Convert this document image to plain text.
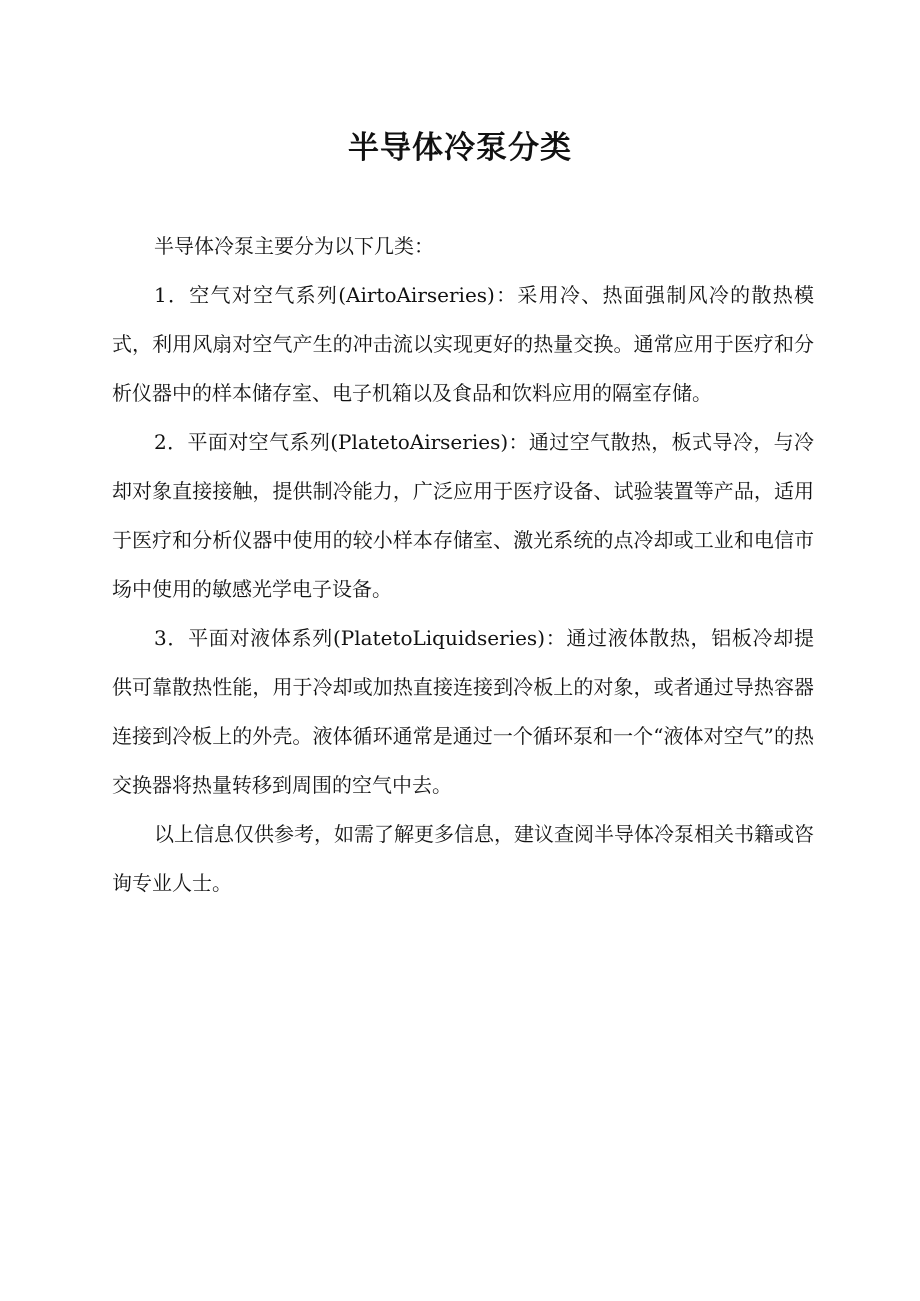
半导体冷泵分类

半导体冷泵主要分为以下几类：

1．空气对空气系列(AirtoAirseries)：采用冷、热面强制风冷的散热模式，利用风扇对空气产生的冲击流以实现更好的热量交换。通常应用于医疗和分析仪器中的样本储存室、电子机箱以及食品和饮料应用的隔室存储。

2．平面对空气系列(PlatetoAirseries)：通过空气散热，板式导冷，与冷却对象直接接触，提供制冷能力，广泛应用于医疗设备、试验装置等产品，适用于医疗和分析仪器中使用的较小样本存储室、激光系统的点冷却或工业和电信市场中使用的敏感光学电子设备。

3．平面对液体系列(PlatetoLiquidseries)：通过液体散热，铝板冷却提供可靠散热性能，用于冷却或加热直接连接到冷板上的对象，或者通过导热容器连接到冷板上的外壳。液体循环通常是通过一个循环泵和一个“液体对空气”的热交换器将热量转移到周围的空气中去。

以上信息仅供参考，如需了解更多信息，建议查阅半导体冷泵相关书籍或咨询专业人士。
